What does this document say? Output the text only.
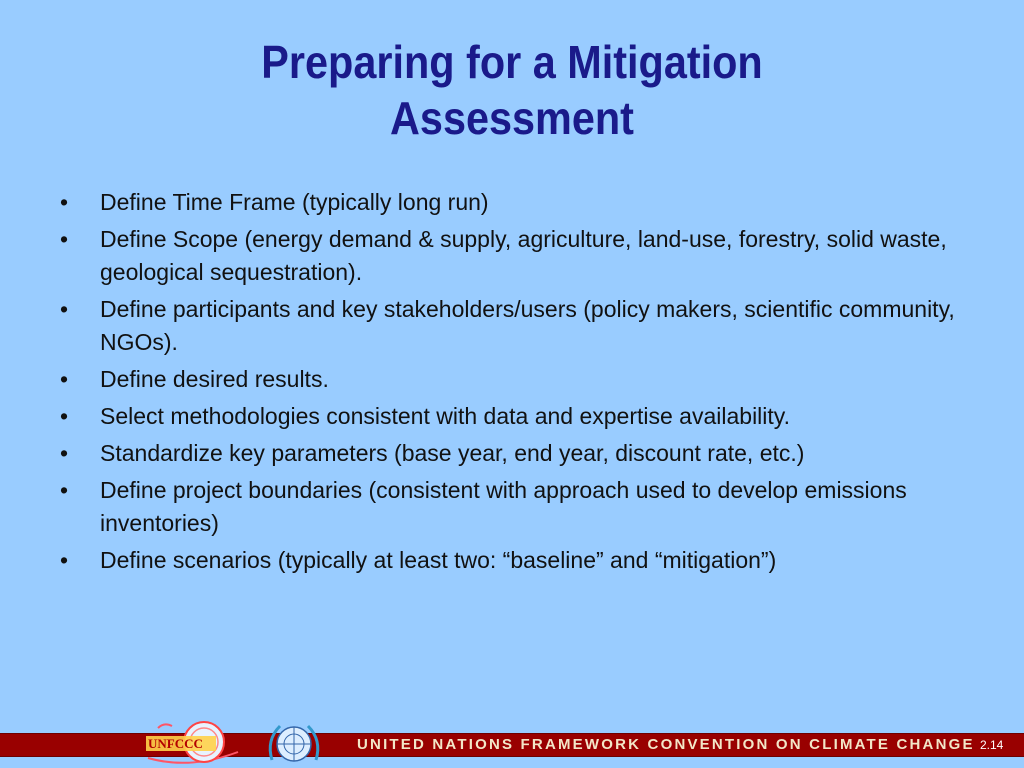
Preparing for a Mitigation
Assessment
• Define Time Frame (typically long run)
• Define Scope (energy demand & supply, agriculture, land-use, forestry, solid waste, geological sequestration).
• Define participants and key stakeholders/users (policy makers, scientific community, NGOs).
• Define desired results.
• Select methodologies consistent with data and expertise availability.
• Standardize key parameters (base year, end year, discount rate, etc.)
• Define project boundaries (consistent with approach used to develop emissions inventories)
• Define scenarios (typically at least two: “baseline” and “mitigation”)
UNFCCC	UNITED NATIONS FRAMEWORK CONVENTION ON CLIMATE CHANGE 2.14
